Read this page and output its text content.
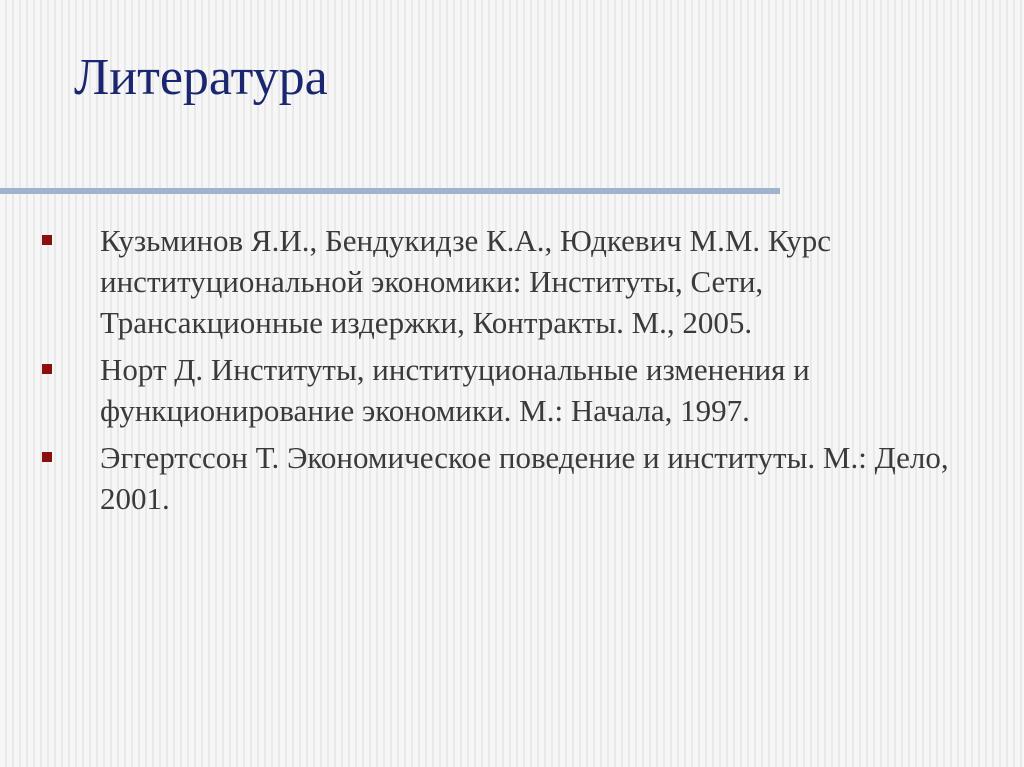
Литература
Кузьминов Я.И., Бендукидзе К.А., Юдкевич М.М. Курс институциональной экономики: Институты, Сети, Трансакционные издержки, Контракты. М., 2005.
Норт Д. Институты, институциональные изменения и функционирование экономики. М.: Начала, 1997.
Эггертссон Т. Экономическое поведение и институты. М.: Дело, 2001.
